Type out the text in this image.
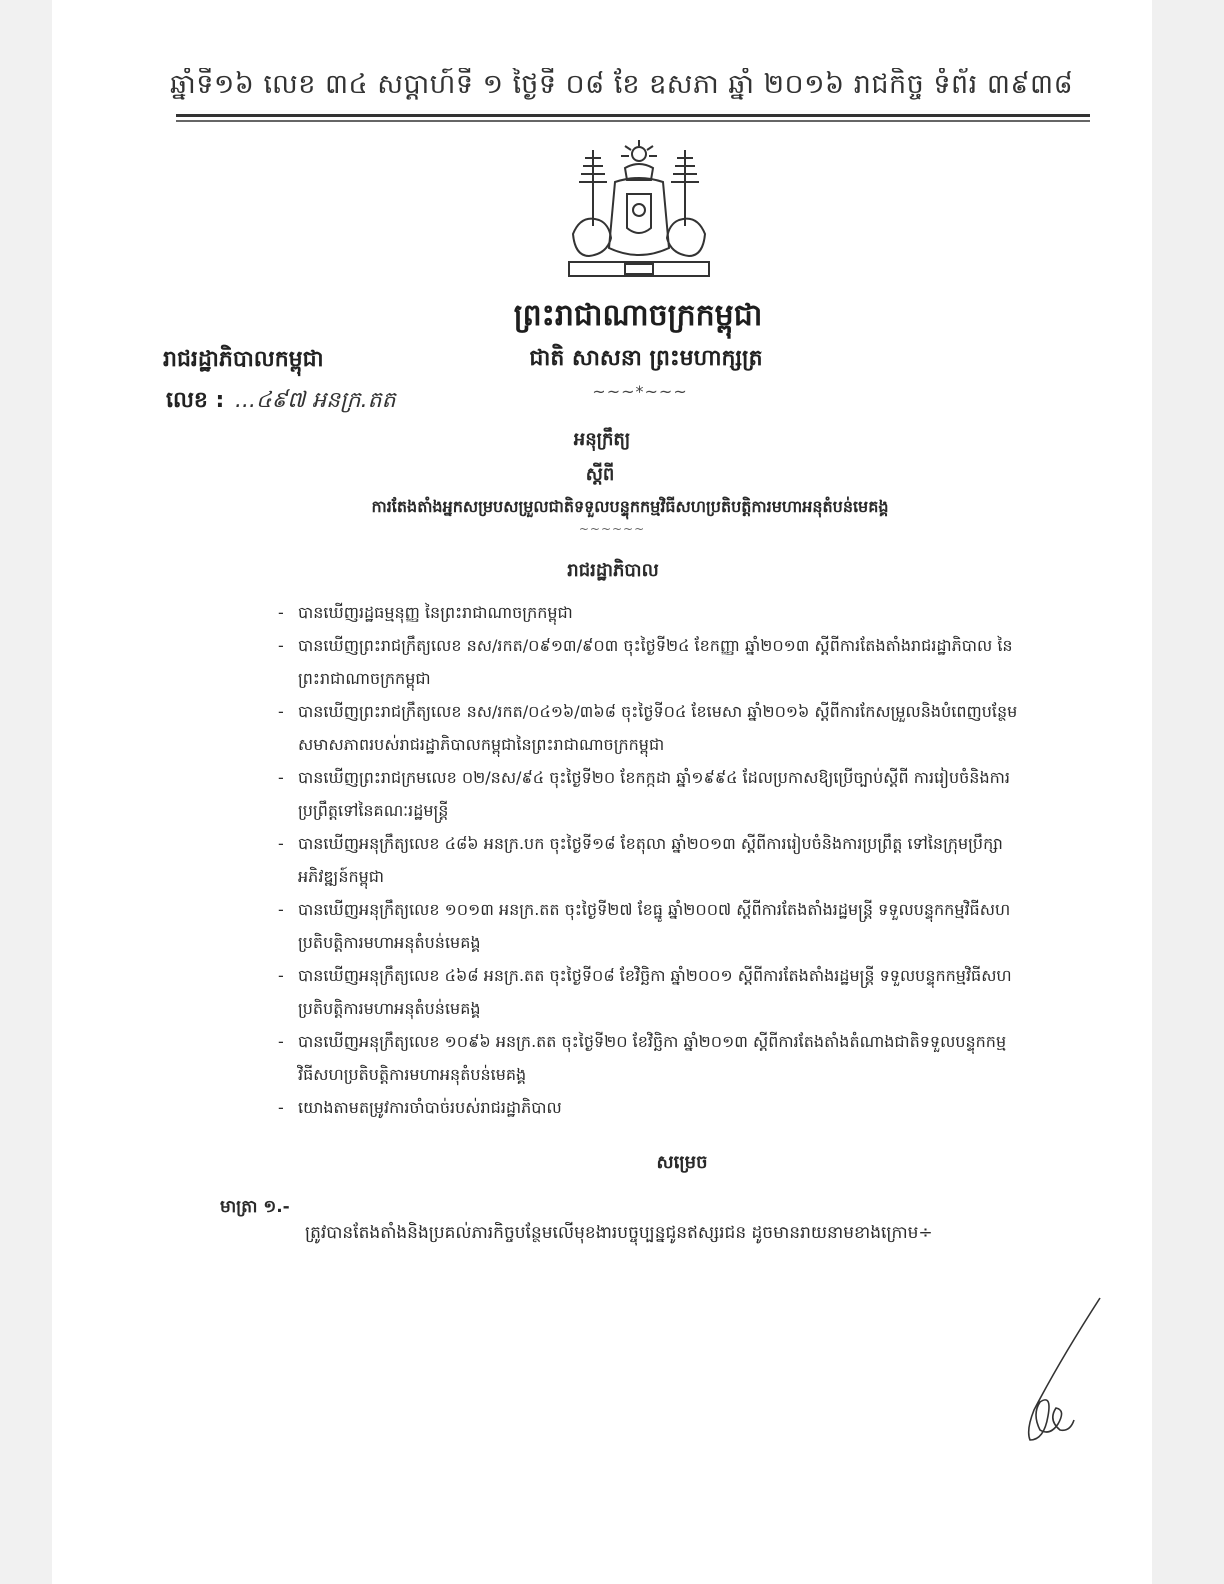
ឆ្នាំទី១៦ លេខ ៣៤ សប្តាហ៍ទី ១ ថ្ងៃទី ០៨ ខែ ឧសភា ឆ្នាំ ២០១៦ រាជកិច្ច ទំព័រ ៣៩៣៨
ព្រះរាជាណាចក្រកម្ពុជា
ជាតិ សាសនា ព្រះមហាក្សត្រ
~~~*~~~
រាជរដ្ឋាភិបាលកម្ពុជា
លេខ : ...៤៩៧ អនក្រ.តត
អនុក្រឹត្យ
ស្ដីពី
ការតែងតាំងអ្នកសម្របសម្រួលជាតិទទួលបន្ទុកកម្មវិធីសហប្រតិបត្តិការមហាអនុតំបន់មេគង្គ
~~~~~~
រាជរដ្ឋាភិបាល
- បានឃើញរដ្ឋធម្មនុញ្ញ នៃព្រះរាជាណាចក្រកម្ពុជា
- បានឃើញព្រះរាជក្រឹត្យលេខ នស/រកត/០៩១៣/៩០៣ ចុះថ្ងៃទី២៤ ខែកញ្ញា ឆ្នាំ២០១៣ ស្តីពីការតែងតាំងរាជរដ្ឋាភិបាល នៃព្រះរាជាណាចក្រកម្ពុជា
- បានឃើញព្រះរាជក្រឹត្យលេខ នស/រកត/០៤១៦/៣៦៨ ចុះថ្ងៃទី០៤ ខែមេសា ឆ្នាំ២០១៦ ស្តីពីការកែសម្រួលនិងបំពេញបន្ថែមសមាសភាពរបស់រាជរដ្ឋាភិបាលកម្ពុជានៃព្រះរាជាណាចក្រកម្ពុជា
- បានឃើញព្រះរាជក្រមលេខ ០២/នស/៩៤ ចុះថ្ងៃទី២០ ខែកក្កដា ឆ្នាំ១៩៩៤ ដែលប្រកាសឱ្យប្រើច្បាប់ស្តីពី ការរៀបចំនិងការប្រព្រឹត្តទៅនៃគណៈរដ្ឋមន្ត្រី
- បានឃើញអនុក្រឹត្យលេខ ៤៨៦ អនក្រ.បក ចុះថ្ងៃទី១៨ ខែតុលា ឆ្នាំ២០១៣ ស្តីពីការរៀបចំនិងការប្រព្រឹត្ត ទៅនៃក្រុមប្រឹក្សាអភិវឌ្ឍន៍កម្ពុជា
- បានឃើញអនុក្រឹត្យលេខ ១០១៣ អនក្រ.តត ចុះថ្ងៃទី២៧ ខែធ្នូ ឆ្នាំ២០០៧ ស្តីពីការតែងតាំងរដ្ឋមន្ត្រី ទទួលបន្ទុកកម្មវិធីសហប្រតិបត្តិការមហាអនុតំបន់មេគង្គ
- បានឃើញអនុក្រឹត្យលេខ ៤៦៨ អនក្រ.តត ចុះថ្ងៃទី០៨ ខែវិច្ឆិកា ឆ្នាំ២០០១ ស្តីពីការតែងតាំងរដ្ឋមន្ត្រី ទទួលបន្ទុកកម្មវិធីសហប្រតិបត្តិការមហាអនុតំបន់មេគង្គ
- បានឃើញអនុក្រឹត្យលេខ ១០៩៦ អនក្រ.តត ចុះថ្ងៃទី២០ ខែវិច្ឆិកា ឆ្នាំ២០១៣ ស្តីពីការតែងតាំងតំណាងជាតិទទួលបន្ទុកកម្មវិធីសហប្រតិបត្តិការមហាអនុតំបន់មេគង្គ
- យោងតាមតម្រូវការចាំបាច់របស់រាជរដ្ឋាភិបាល
សម្រេច
មាត្រា ១.-
ត្រូវបានតែងតាំងនិងប្រគល់ភារកិច្ចបន្ថែមលើមុខងារបច្ចុប្បន្នជូនឥស្សរជន ដូចមានរាយនាមខាងក្រោម÷
